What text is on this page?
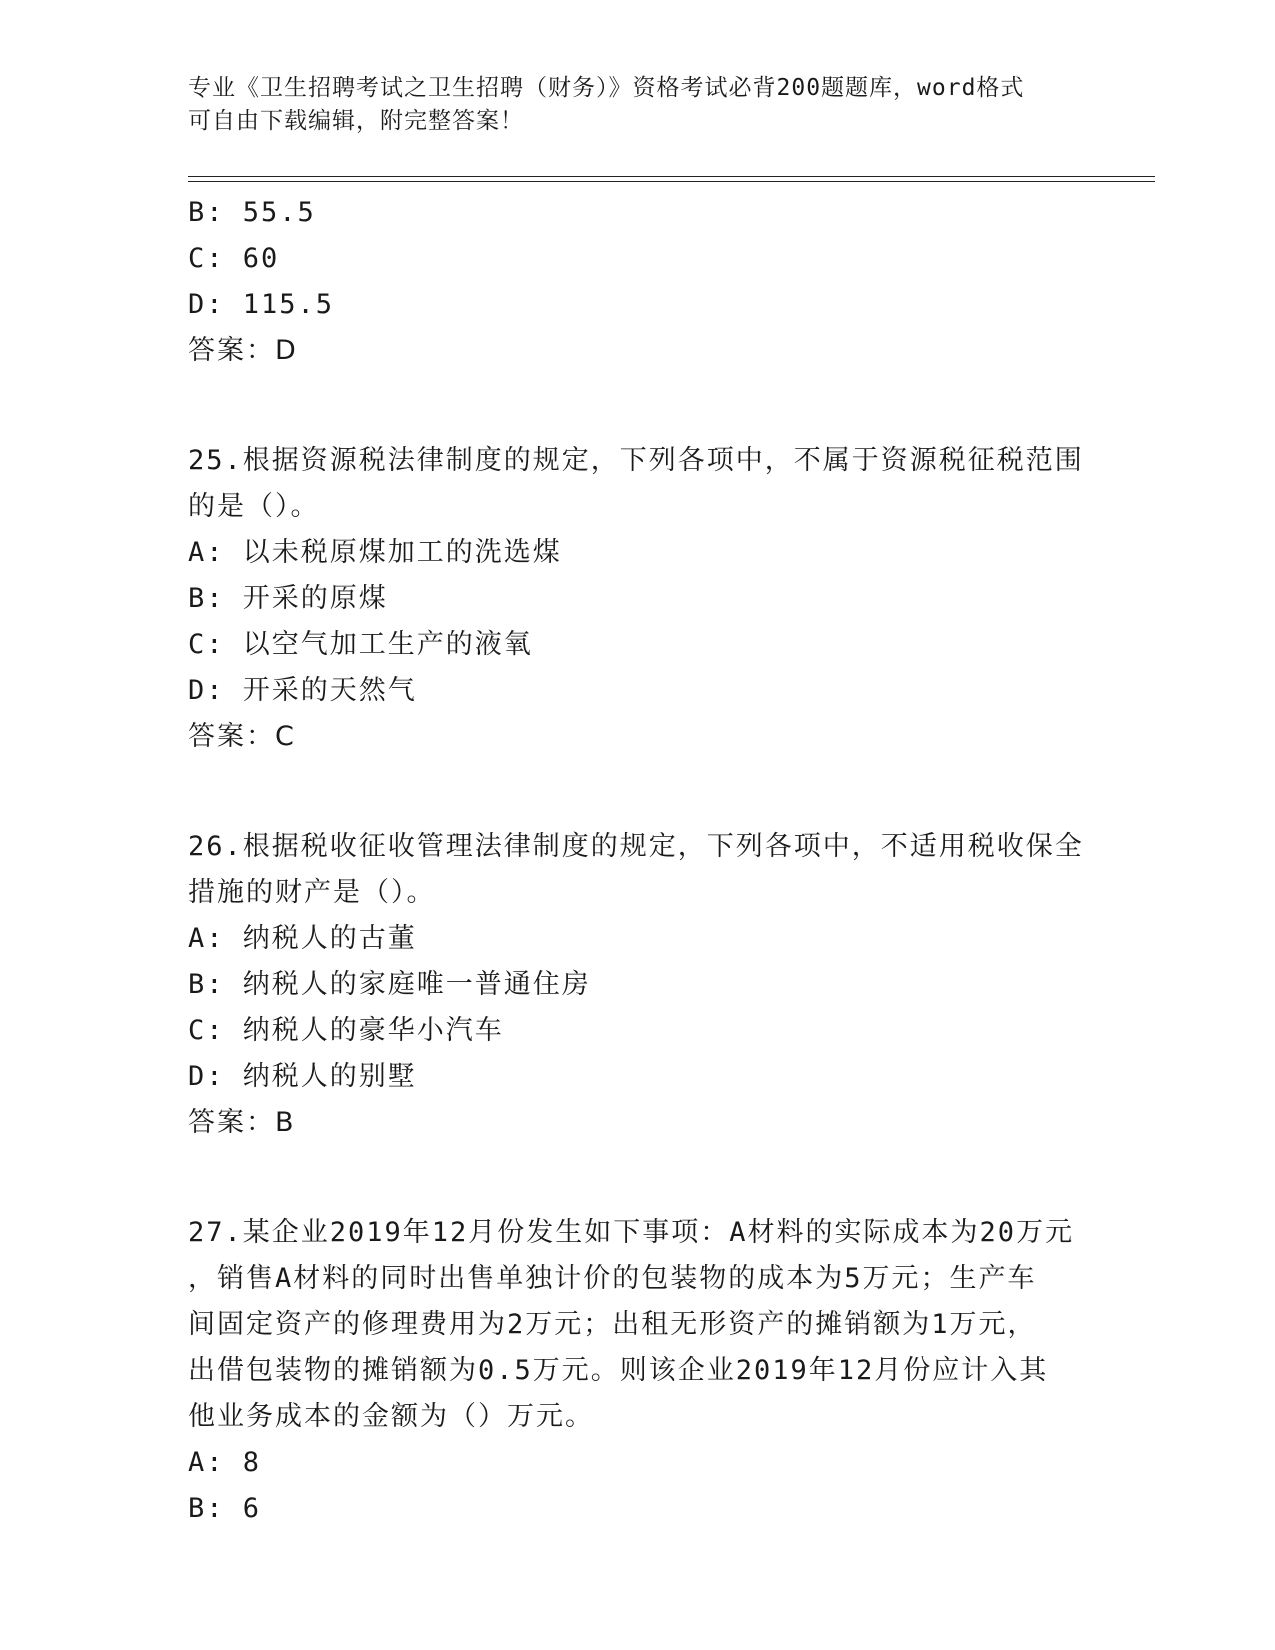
专业《卫生招聘考试之卫生招聘（财务）》资格考试必背200题题库，word格式
可自由下载编辑，附完整答案！
B: 55.5
C: 60
D: 115.5
答案：D
25.根据资源税法律制度的规定，下列各项中，不属于资源税征税范围
的是（）。
A: 以未税原煤加工的洗选煤
B: 开采的原煤
C: 以空气加工生产的液氧
D: 开采的天然气
答案：C
26.根据税收征收管理法律制度的规定，下列各项中，不适用税收保全
措施的财产是（）。
A: 纳税人的古董
B: 纳税人的家庭唯一普通住房
C: 纳税人的豪华小汽车
D: 纳税人的别墅
答案：B
27.某企业2019年12月份发生如下事项：A材料的实际成本为20万元
，销售A材料的同时出售单独计价的包装物的成本为5万元；生产车
间固定资产的修理费用为2万元；出租无形资产的摊销额为1万元，
出借包装物的摊销额为0.5万元。则该企业2019年12月份应计入其
他业务成本的金额为（）万元。
A: 8
B: 6
